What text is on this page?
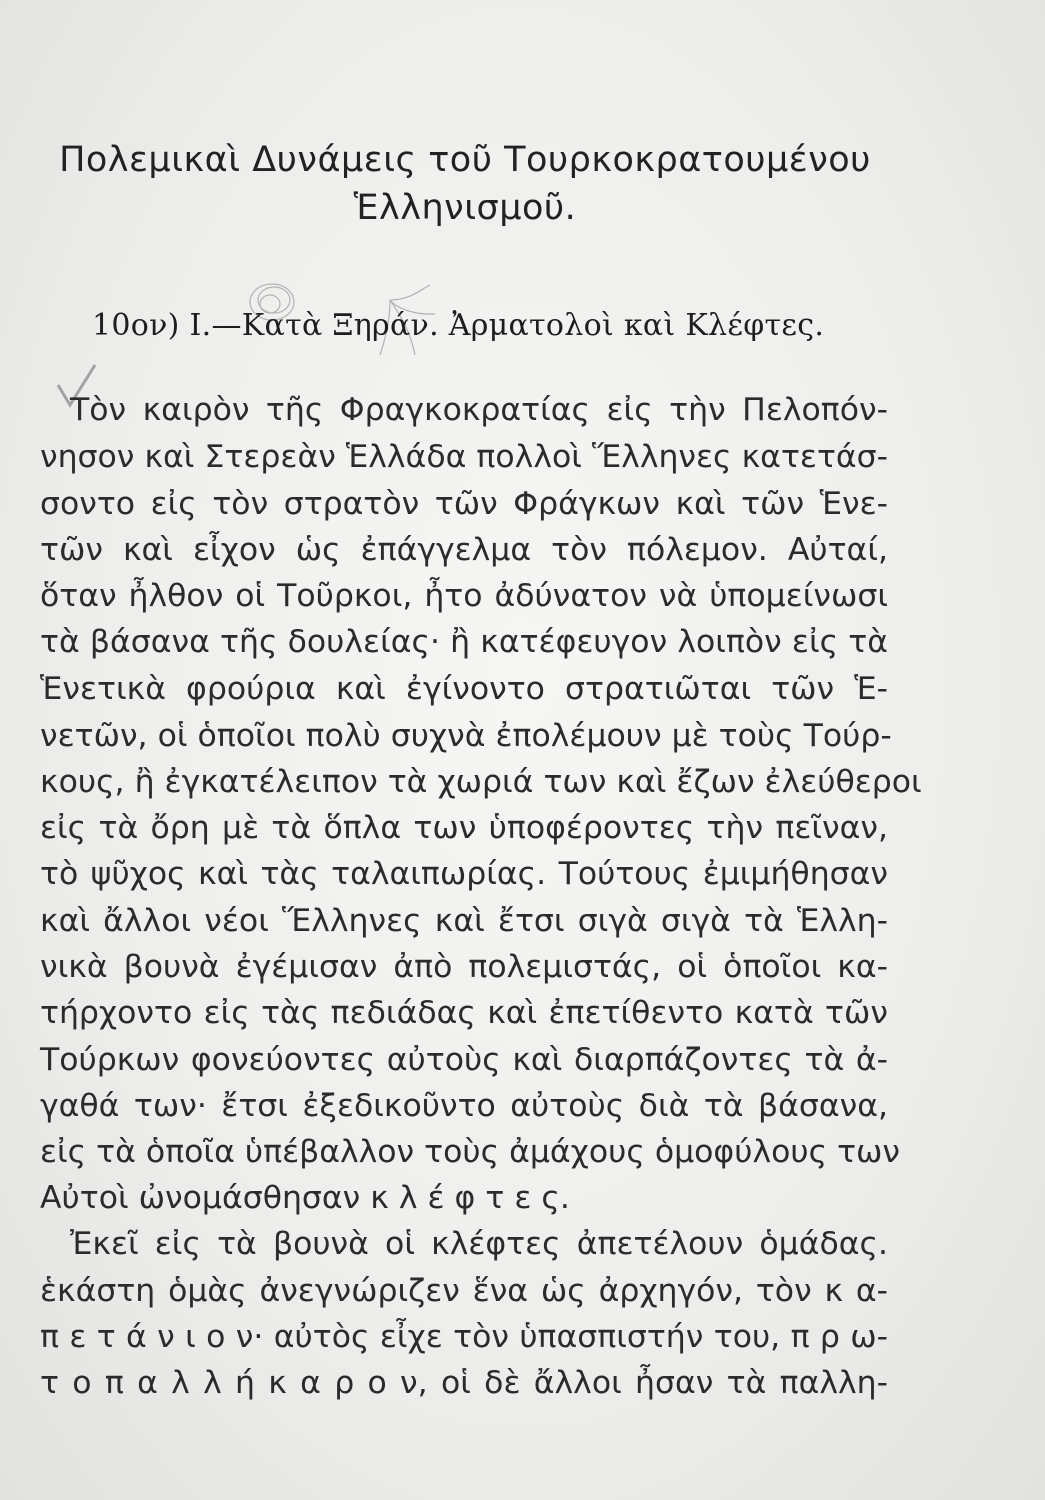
Πολεμικαὶ Δυνάμεις τοῦ Τουρκοκρατουμένου
Ἑλληνισμοῦ.
10ον) Ι.—Κατὰ Ξηράν. Ἀρματολοὶ καὶ Κλέφτες.
Τὸν καιρὸν τῆς Φραγκοκρατίας εἰς τὴν Πελοπόν-
νησον καὶ Στερεὰν Ἑλλάδα πολλοὶ Ἕλληνες κατετάσ-
σοντο εἰς τὸν στρατὸν τῶν Φράγκων καὶ τῶν Ἑνε-
τῶν καὶ εἶχον ὡς ἐπάγγελμα τὸν πόλεμον. Αὐταί,
ὅταν ἦλθον οἱ Τοῦρκοι, ἦτο ἀδύνατον νὰ ὑπομείνωσι
τὰ βάσανα τῆς δουλείας· ἢ κατέφευγον λοιπὸν εἰς τὰ
Ἑνετικὰ φρούρια καὶ ἐγίνοντο στρατιῶται τῶν Ἑ-
νετῶν, οἱ ὁποῖοι πολὺ συχνὰ ἐπολέμουν μὲ τοὺς Τούρ-
κους, ἢ ἐγκατέλειπον τὰ χωριά των καὶ ἔζων ἐλεύθεροι
εἰς τὰ ὄρη μὲ τὰ ὅπλα των ὑποφέροντες τὴν πεῖναν,
τὸ ψῦχος καὶ τὰς ταλαιπωρίας. Τούτους ἐμιμήθησαν
καὶ ἄλλοι νέοι Ἕλληνες καὶ ἔτσι σιγὰ σιγὰ τὰ Ἑλλη-
νικὰ βουνὰ ἐγέμισαν ἀπὸ πολεμιστάς, οἱ ὁποῖοι κα-
τήρχοντο εἰς τὰς πεδιάδας καὶ ἐπετίθεντο κατὰ τῶν
Τούρκων φονεύοντες αὐτοὺς καὶ διαρπάζοντες τὰ ἀ-
γαθά των· ἔτσι ἐξεδικοῦντο αὐτοὺς διὰ τὰ βάσανα,
εἰς τὰ ὁποῖα ὑπέβαλλον τοὺς ἀμάχους ὁμοφύλους των
Αὐτοὶ ὠνομάσθησαν κ λ έ φ τ ε ς.
Ἐκεῖ εἰς τὰ βουνὰ οἱ κλέφτες ἀπετέλουν ὁμάδας.
ἑκάστη ὁμὰς ἀνεγνώριζεν ἕνα ὡς ἀρχηγόν, τὸν κ α-
π ε τ ά ν ι ο ν· αὐτὸς εἶχε τὸν ὑπασπιστήν του, π ρ ω-
τ ο π α λ λ ή κ α ρ ο ν, οἱ δὲ ἄλλοι ἦσαν τὰ παλλη-
